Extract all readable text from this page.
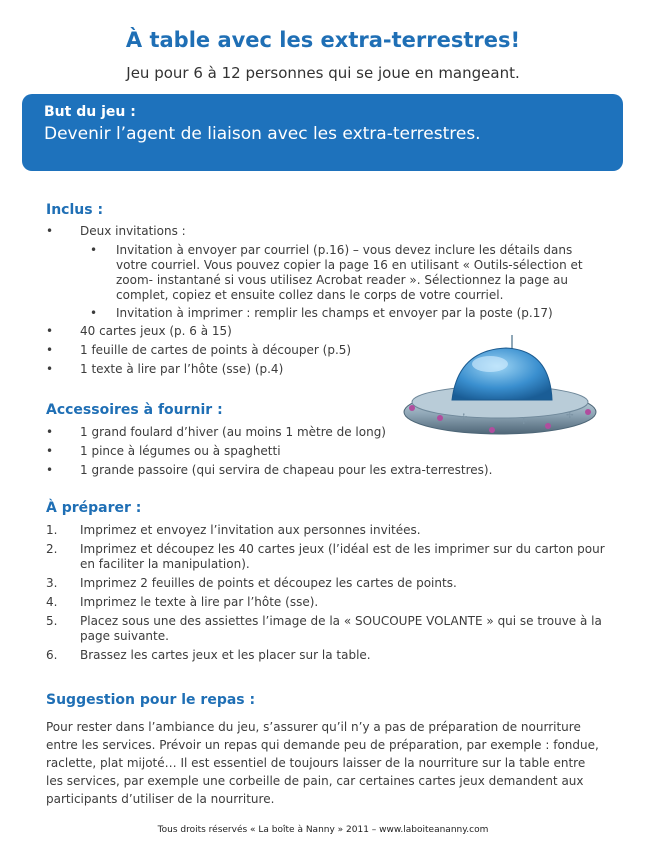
À table avec les extra-terrestres!
Jeu pour 6 à 12 personnes qui se joue en mangeant.
But du jeu :
Devenir l’agent de liaison avec les extra-terrestres.
Inclus :
• Deux invitations :
• Invitation à envoyer par courriel (p.16) – vous devez inclure les détails dans votre courriel. Vous pouvez copier la page 16 en utilisant « Outils-sélection et zoom- instantané si vous utilisez Acrobat reader ». Sélectionnez la page au complet, copiez et ensuite collez dans le corps de votre courriel.
• Invitation à imprimer : remplir les champs et envoyer par la poste (p.17)
• 40 cartes jeux (p. 6 à 15)
• 1 feuille de cartes de points à découper (p.5)
• 1 texte à lire par l’hôte (sse) (p.4)
✢	✢
✢
Accessoires à fournir :
• 1 grand foulard d’hiver (au moins 1 mètre de long)
• 1 pince à légumes ou à spaghetti
• 1 grande passoire (qui servira de chapeau pour les extra-terrestres).
À préparer :
1. Imprimez et envoyez l’invitation aux personnes invitées.
2. Imprimez et découpez les 40 cartes jeux (l’idéal est de les imprimer sur du carton pour en faciliter la manipulation).
3. Imprimez 2 feuilles de points et découpez les cartes de points.
4. Imprimez le texte à lire par l’hôte (sse).
5. Placez sous une des assiettes l’image de la « SOUCOUPE VOLANTE » qui se trouve à la page suivante.
6. Brassez les cartes jeux et les placer sur la table.
Suggestion pour le repas :
Pour rester dans l’ambiance du jeu, s’assurer qu’il n’y a pas de préparation de nourriture entre les services. Prévoir un repas qui demande peu de préparation, par exemple : fondue, raclette, plat mijoté… Il est essentiel de toujours laisser de la nourriture sur la table entre les services, par exemple une corbeille de pain, car certaines cartes jeux demandent aux participants d’utiliser de la nourriture.
Tous droits réservés « La boîte à Nanny » 2011 – www.laboiteananny.com
